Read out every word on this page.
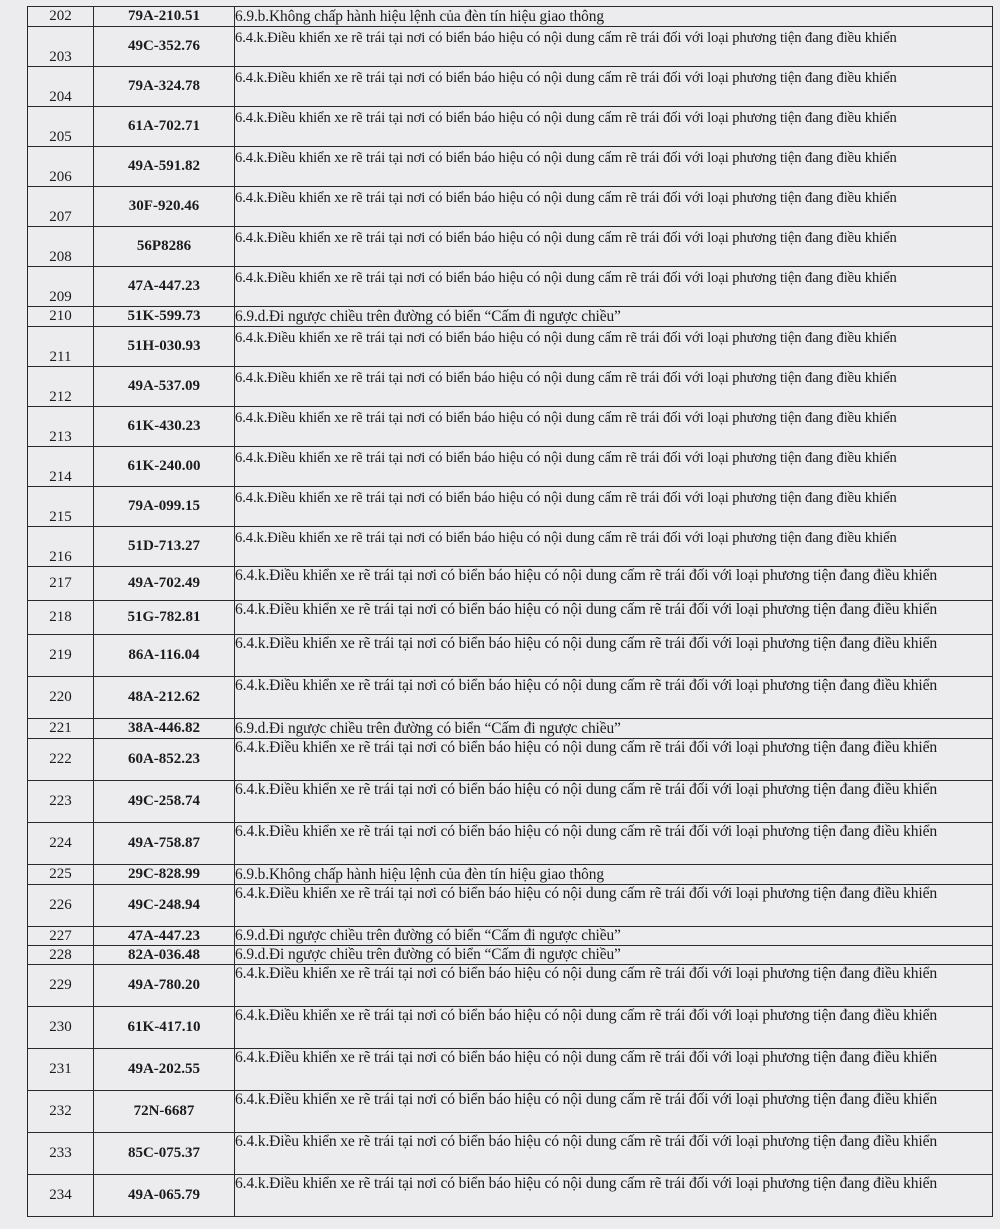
202	79A-210.51	6.9.b.Không chấp hành hiệu lệnh của đèn tín hiệu giao thông
203	49C-352.76	6.4.k.Điều khiển xe rẽ trái tại nơi có biển báo hiệu có nội dung cấm rẽ trái đối với loại phương tiện đang điều khiển
204	79A-324.78	6.4.k.Điều khiển xe rẽ trái tại nơi có biển báo hiệu có nội dung cấm rẽ trái đối với loại phương tiện đang điều khiển
205	61A-702.71	6.4.k.Điều khiển xe rẽ trái tại nơi có biển báo hiệu có nội dung cấm rẽ trái đối với loại phương tiện đang điều khiển
206	49A-591.82	6.4.k.Điều khiển xe rẽ trái tại nơi có biển báo hiệu có nội dung cấm rẽ trái đối với loại phương tiện đang điều khiển
207	30F-920.46	6.4.k.Điều khiển xe rẽ trái tại nơi có biển báo hiệu có nội dung cấm rẽ trái đối với loại phương tiện đang điều khiển
208	56P8286	6.4.k.Điều khiển xe rẽ trái tại nơi có biển báo hiệu có nội dung cấm rẽ trái đối với loại phương tiện đang điều khiển
209	47A-447.23	6.4.k.Điều khiển xe rẽ trái tại nơi có biển báo hiệu có nội dung cấm rẽ trái đối với loại phương tiện đang điều khiển
210	51K-599.73	6.9.d.Đi ngược chiều trên đường có biển “Cấm đi ngược chiều”
211	51H-030.93	6.4.k.Điều khiển xe rẽ trái tại nơi có biển báo hiệu có nội dung cấm rẽ trái đối với loại phương tiện đang điều khiển
212	49A-537.09	6.4.k.Điều khiển xe rẽ trái tại nơi có biển báo hiệu có nội dung cấm rẽ trái đối với loại phương tiện đang điều khiển
213	61K-430.23	6.4.k.Điều khiển xe rẽ trái tại nơi có biển báo hiệu có nội dung cấm rẽ trái đối với loại phương tiện đang điều khiển
214	61K-240.00	6.4.k.Điều khiển xe rẽ trái tại nơi có biển báo hiệu có nội dung cấm rẽ trái đối với loại phương tiện đang điều khiển
215	79A-099.15	6.4.k.Điều khiển xe rẽ trái tại nơi có biển báo hiệu có nội dung cấm rẽ trái đối với loại phương tiện đang điều khiển
216	51D-713.27	6.4.k.Điều khiển xe rẽ trái tại nơi có biển báo hiệu có nội dung cấm rẽ trái đối với loại phương tiện đang điều khiển
217	49A-702.49	6.4.k.Điều khiển xe rẽ trái tại nơi có biển báo hiệu có nội dung cấm rẽ trái đối với loại phương tiện đang điều khiển
218	51G-782.81	6.4.k.Điều khiển xe rẽ trái tại nơi có biển báo hiệu có nội dung cấm rẽ trái đối với loại phương tiện đang điều khiển
219	86A-116.04	6.4.k.Điều khiển xe rẽ trái tại nơi có biển báo hiệu có nội dung cấm rẽ trái đối với loại phương tiện đang điều khiển
220	48A-212.62	6.4.k.Điều khiển xe rẽ trái tại nơi có biển báo hiệu có nội dung cấm rẽ trái đối với loại phương tiện đang điều khiển
221	38A-446.82	6.9.d.Đi ngược chiều trên đường có biển “Cấm đi ngược chiều”
222	60A-852.23	6.4.k.Điều khiển xe rẽ trái tại nơi có biển báo hiệu có nội dung cấm rẽ trái đối với loại phương tiện đang điều khiển
223	49C-258.74	6.4.k.Điều khiển xe rẽ trái tại nơi có biển báo hiệu có nội dung cấm rẽ trái đối với loại phương tiện đang điều khiển
224	49A-758.87	6.4.k.Điều khiển xe rẽ trái tại nơi có biển báo hiệu có nội dung cấm rẽ trái đối với loại phương tiện đang điều khiển
225	29C-828.99	6.9.b.Không chấp hành hiệu lệnh của đèn tín hiệu giao thông
226	49C-248.94	6.4.k.Điều khiển xe rẽ trái tại nơi có biển báo hiệu có nội dung cấm rẽ trái đối với loại phương tiện đang điều khiển
227	47A-447.23	6.9.d.Đi ngược chiều trên đường có biển “Cấm đi ngược chiều”
228	82A-036.48	6.9.d.Đi ngược chiều trên đường có biển “Cấm đi ngược chiều”
229	49A-780.20	6.4.k.Điều khiển xe rẽ trái tại nơi có biển báo hiệu có nội dung cấm rẽ trái đối với loại phương tiện đang điều khiển
230	61K-417.10	6.4.k.Điều khiển xe rẽ trái tại nơi có biển báo hiệu có nội dung cấm rẽ trái đối với loại phương tiện đang điều khiển
231	49A-202.55	6.4.k.Điều khiển xe rẽ trái tại nơi có biển báo hiệu có nội dung cấm rẽ trái đối với loại phương tiện đang điều khiển
232	72N-6687	6.4.k.Điều khiển xe rẽ trái tại nơi có biển báo hiệu có nội dung cấm rẽ trái đối với loại phương tiện đang điều khiển
233	85C-075.37	6.4.k.Điều khiển xe rẽ trái tại nơi có biển báo hiệu có nội dung cấm rẽ trái đối với loại phương tiện đang điều khiển
234	49A-065.79	6.4.k.Điều khiển xe rẽ trái tại nơi có biển báo hiệu có nội dung cấm rẽ trái đối với loại phương tiện đang điều khiển
